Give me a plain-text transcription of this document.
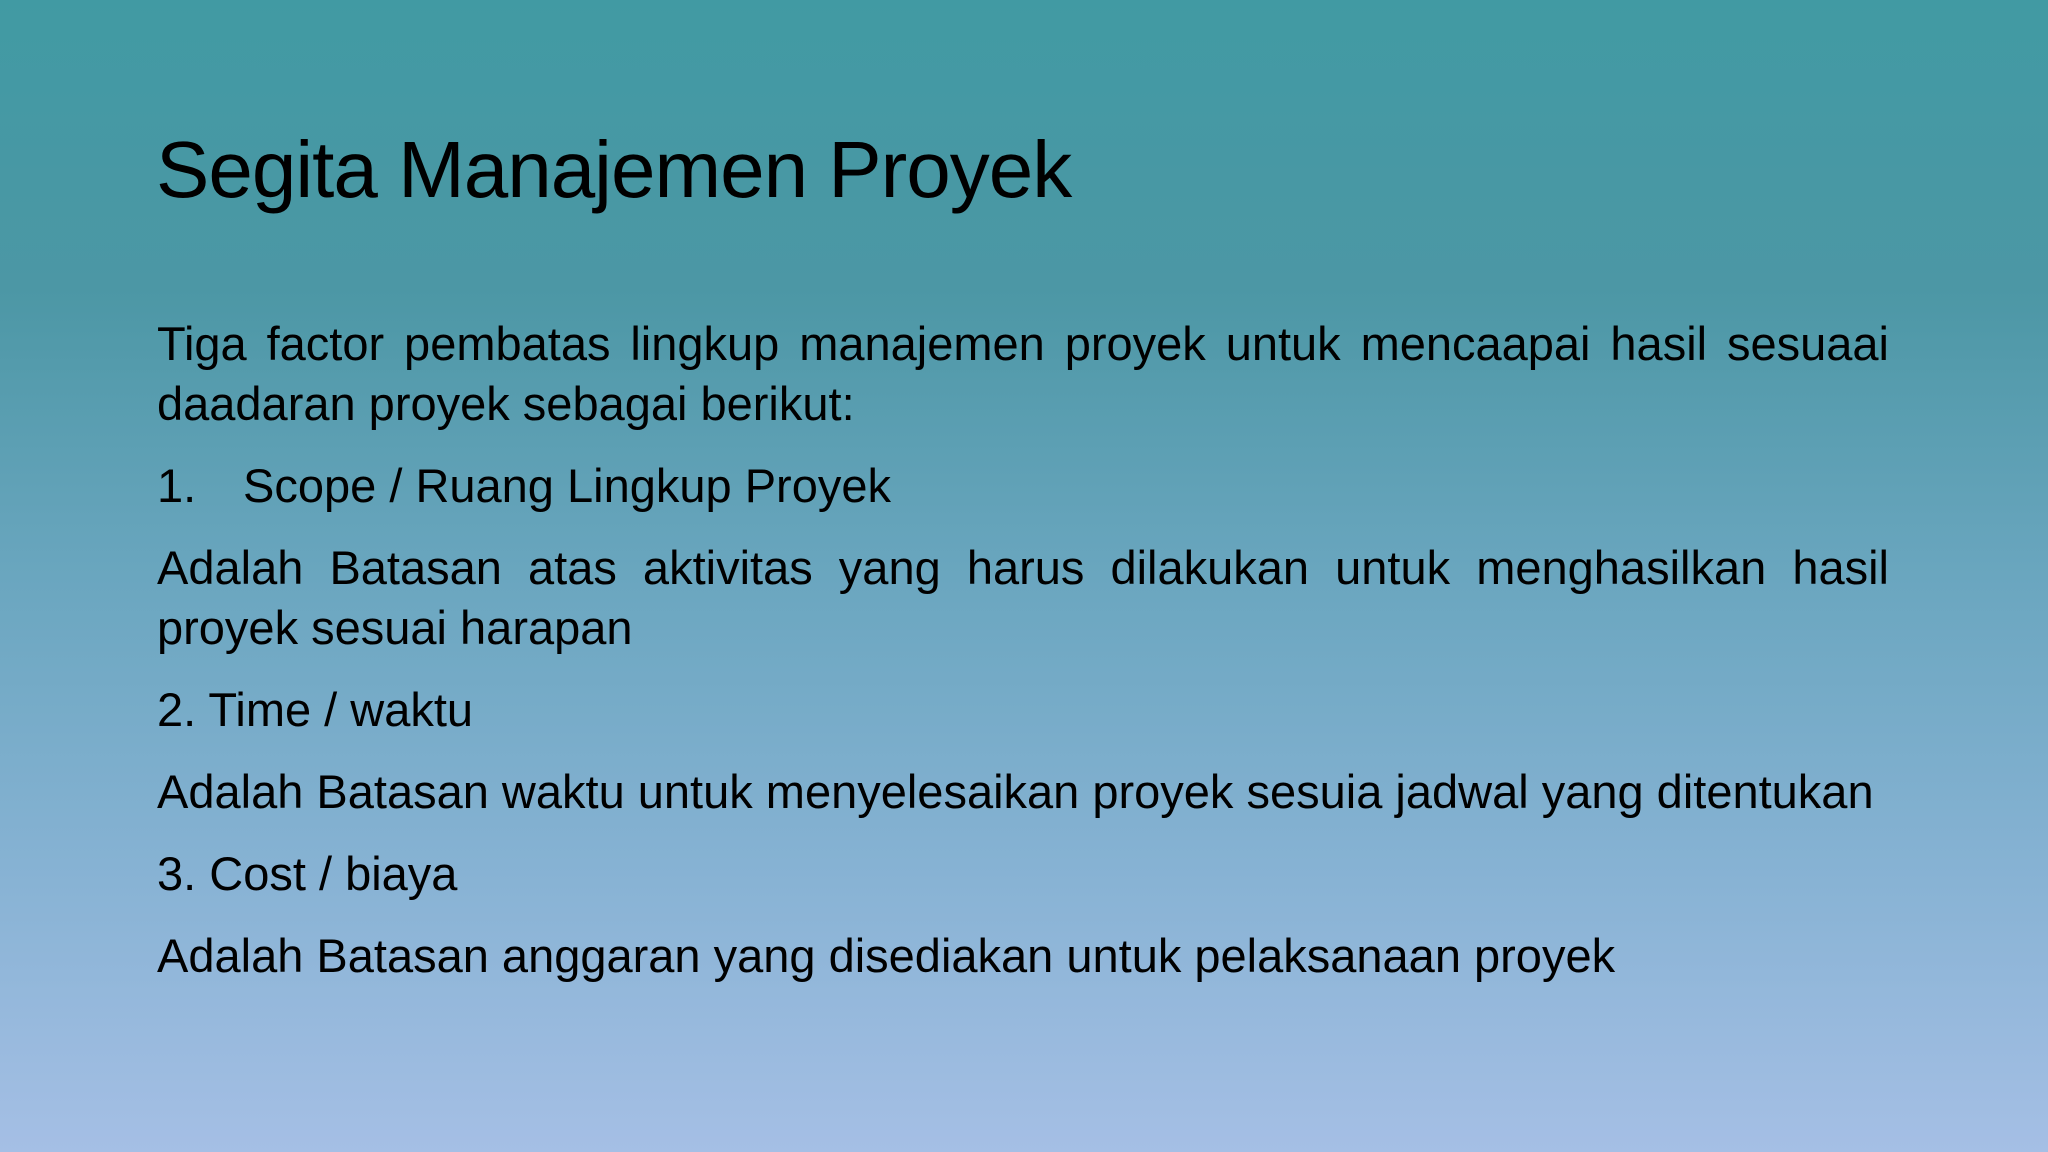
Segita Manajemen Proyek

Tiga factor pembatas lingkup manajemen proyek untuk mencaapai hasil sesuaai daadaran proyek sebagai berikut:

1. Scope / Ruang Lingkup Proyek

Adalah Batasan atas aktivitas yang harus dilakukan untuk menghasilkan hasil proyek sesuai harapan

2. Time / waktu

Adalah Batasan waktu untuk menyelesaikan proyek sesuia jadwal yang ditentukan

3. Cost / biaya

Adalah Batasan anggaran yang disediakan untuk pelaksanaan proyek
